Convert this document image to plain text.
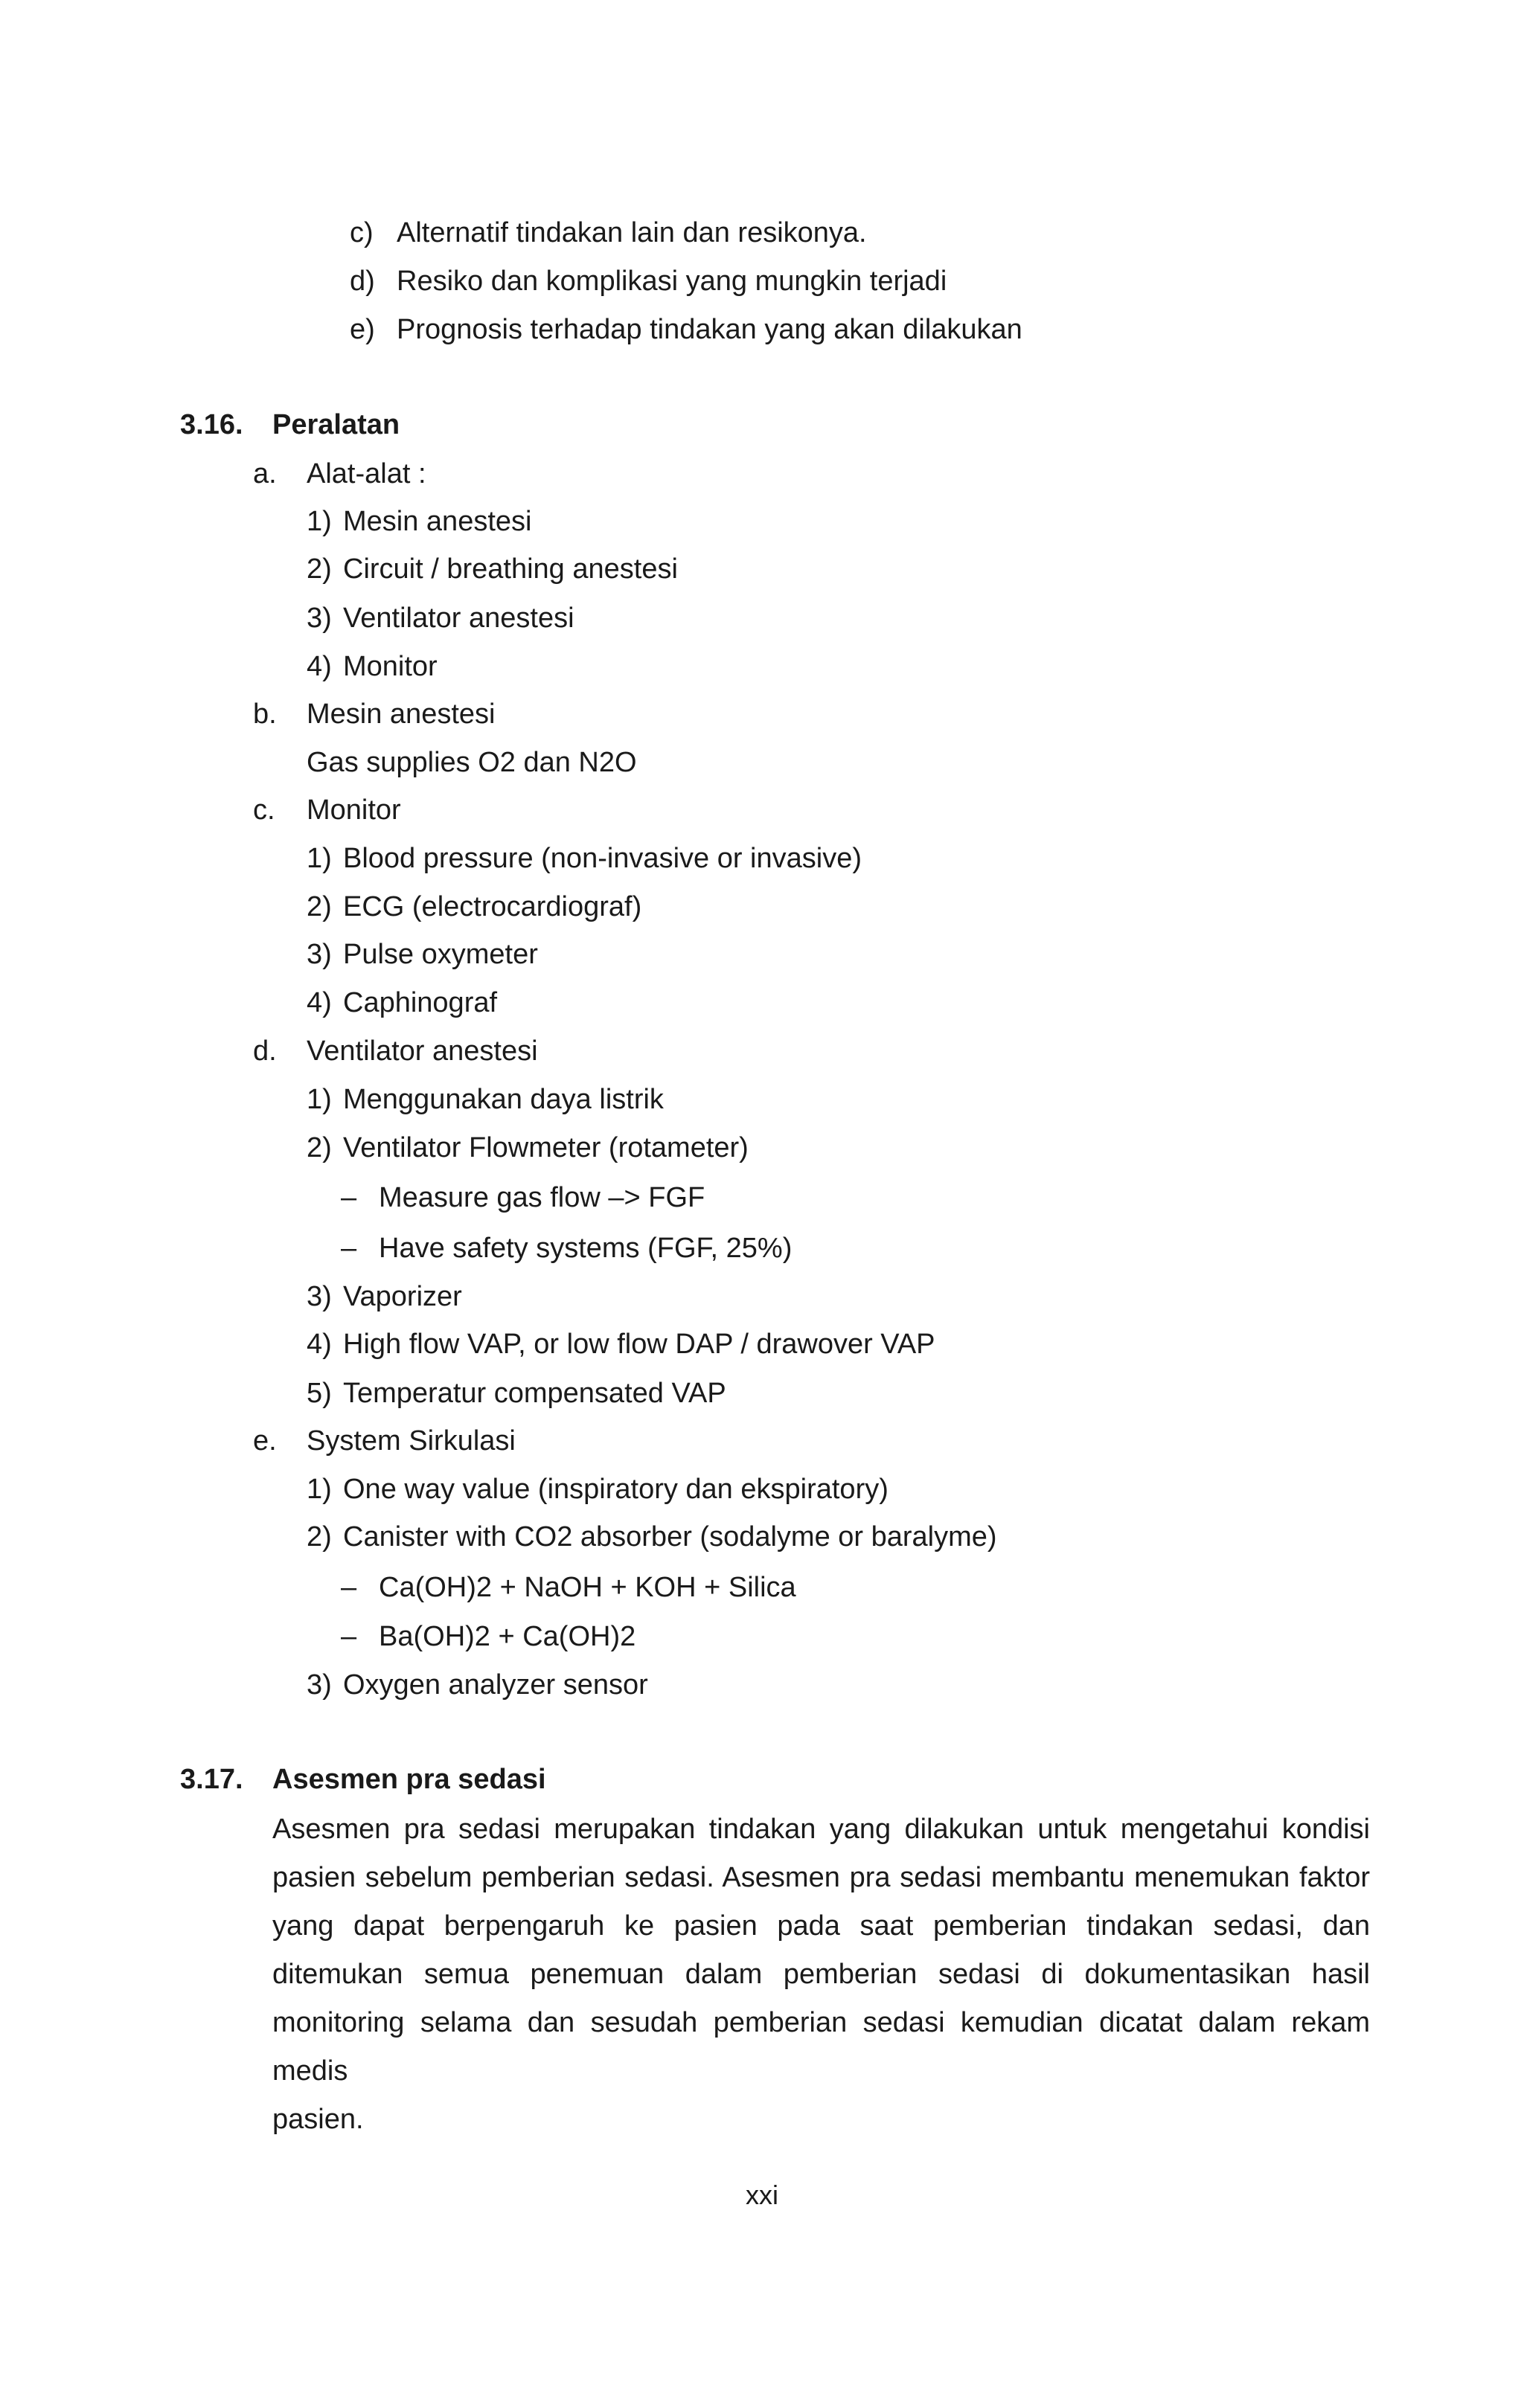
c) Alternatif tindakan lain dan resikonya.
d) Resiko dan komplikasi yang mungkin terjadi
e) Prognosis terhadap tindakan yang akan dilakukan
3.16. Peralatan
a. Alat-alat :
1) Mesin anestesi
2) Circuit / breathing anestesi
3) Ventilator anestesi
4) Monitor
b. Mesin anestesi
Gas supplies O2 dan N2O
c. Monitor
1) Blood pressure (non-invasive or invasive)
2) ECG (electrocardiograf)
3) Pulse oxymeter
4) Caphinograf
d. Ventilator anestesi
1) Menggunakan daya listrik
2) Ventilator Flowmeter (rotameter)
– Measure gas flow –> FGF
– Have safety systems (FGF, 25%)
3) Vaporizer
4) High flow VAP, or low flow DAP / drawover VAP
5) Temperatur compensated VAP
e. System Sirkulasi
1) One way value (inspiratory dan ekspiratory)
2) Canister with CO2 absorber (sodalyme or baralyme)
– Ca(OH)2 + NaOH + KOH + Silica
– Ba(OH)2 + Ca(OH)2
3) Oxygen analyzer sensor
3.17. Asesmen pra sedasi
Asesmen pra sedasi merupakan tindakan yang dilakukan untuk mengetahui kondisi
pasien sebelum pemberian sedasi. Asesmen pra sedasi membantu menemukan faktor
yang dapat berpengaruh ke pasien pada saat pemberian tindakan sedasi, dan
ditemukan semua penemuan dalam pemberian sedasi di dokumentasikan hasil
monitoring selama dan sesudah pemberian sedasi kemudian dicatat dalam rekam medis
pasien.
xxi
